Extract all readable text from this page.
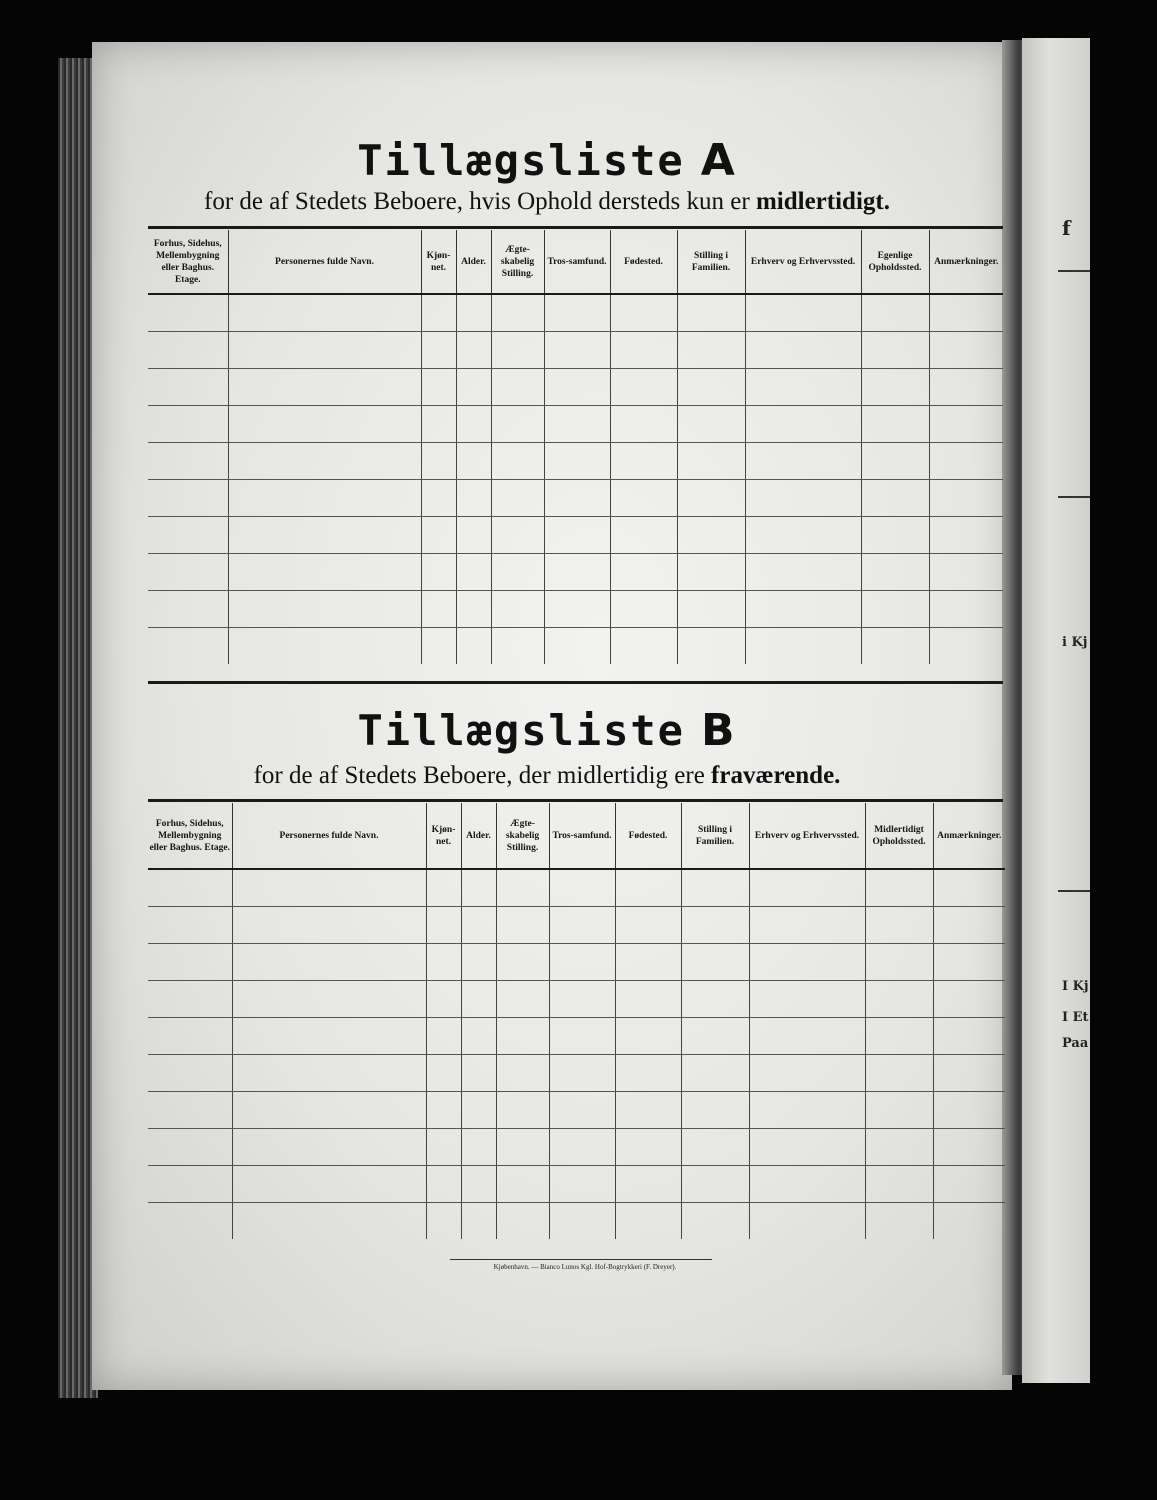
f
i Kj
I Kj
I Et
Paa
Tillægsliste A
for de af Stedets Beboere, hvis Ophold dersteds kun er midlertidigt.
Forhus, Sidehus, Mellembygning eller Baghus. Etage.	Personernes fulde Navn.	Kjøn-net.	Alder.	Ægte-skabelig Stilling.	Tros-samfund.	Fødested.	Stilling i Familien.	Erhverv og Erhvervssted.	Egenlige Opholdssted.	Anmærkninger.

Tillægsliste B
for de af Stedets Beboere, der midlertidig ere fraværende.
Forhus, Sidehus, Mellembygning eller Baghus. Etage.	Personernes fulde Navn.	Kjøn-net.	Alder.	Ægte-skabelig Stilling.	Tros-samfund.	Fødested.	Stilling i Familien.	Erhverv og Erhvervssted.	Midlertidigt Opholdssted.	Anmærkninger.

Kjøbenhavn. — Bianco Lunos Kgl. Hof-Bogtrykkeri (F. Dreyer).
